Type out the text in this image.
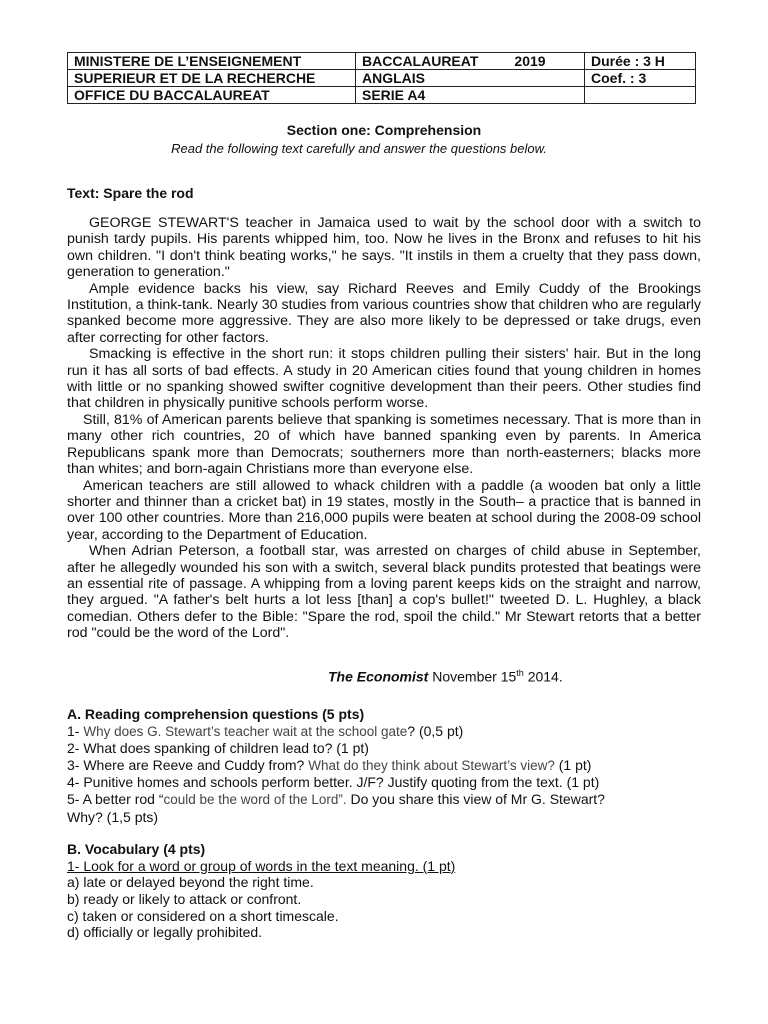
MINISTERE DE L’ENSEIGNEMENT	BACCALAUREAT 2019	Durée : 3 H
SUPERIEUR ET DE LA RECHERCHE	ANGLAIS	Coef. : 3
OFFICE DU BACCALAUREAT	SERIE A4	
Section one: Comprehension
Read the following text carefully and answer the questions below.
Text: Spare the rod

GEORGE STEWART'S teacher in Jamaica used to wait by the school door with a switch to punish tardy pupils. His parents whipped him, too. Now he lives in the Bronx and refuses to hit his own children. "I don't think beating works," he says. "It instils in them a cruelty that they pass down, generation to generation."

Ample evidence backs his view, say Richard Reeves and Emily Cuddy of the Brookings Institution, a think-tank. Nearly 30 studies from various countries show that children who are regularly spanked become more aggressive. They are also more likely to be depressed or take drugs, even after correcting for other factors.

Smacking is effective in the short run: it stops children pulling their sisters' hair. But in the long run it has all sorts of bad effects. A study in 20 American cities found that young children in homes with little or no spanking showed swifter cognitive development than their peers. Other studies find that children in physically punitive schools perform worse.

Still, 81% of American parents believe that spanking is sometimes necessary. That is more than in many other rich countries, 20 of which have banned spanking even by parents. In America Republicans spank more than Democrats; southerners more than north-easterners; blacks more than whites; and born-again Christians more than everyone else.

American teachers are still allowed to whack children with a paddle (a wooden bat only a little shorter and thinner than a cricket bat) in 19 states, mostly in the South– a practice that is banned in over 100 other countries. More than 216,000 pupils were beaten at school during the 2008-09 school year, according to the Department of Education.

When Adrian Peterson, a football star, was arrested on charges of child abuse in September, after he allegedly wounded his son with a switch, several black pundits protested that beatings were an essential rite of passage. A whipping from a loving parent keeps kids on the straight and narrow, they argued. "A father's belt hurts a lot less [than] a cop's bullet!" tweeted D. L. Hughley, a black comedian. Others defer to the Bible: "Spare the rod, spoil the child." Mr Stewart retorts that a better rod "could be the word of the Lord".

The Economist November 15th 2014.
A. Reading comprehension questions (5 pts)
1- Why does G. Stewart’s teacher wait at the school gate? (0,5 pt)
2- What does spanking of children lead to? (1 pt)
3- Where are Reeve and Cuddy from? What do they think about Stewart’s view? (1 pt)
4- Punitive homes and schools perform better. J/F? Justify quoting from the text. (1 pt)
5- A better rod “could be the word of the Lord”. Do you share this view of Mr G. Stewart?
Why? (1,5 pts)
B. Vocabulary (4 pts)
1- Look for a word or group of words in the text meaning. (1 pt)
a) late or delayed beyond the right time.
b) ready or likely to attack or confront.
c) taken or considered on a short timescale.
d) officially or legally prohibited.
